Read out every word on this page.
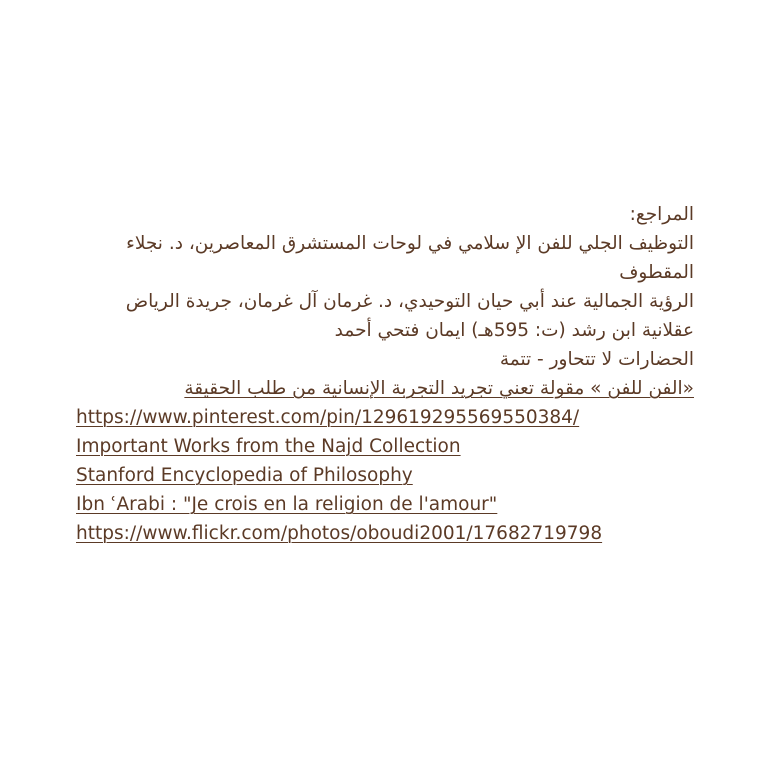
المراجع:
التوظيف الجلي للفن الإ سلامي في لوحات المستشرق المعاصرين، د. نجلاء المقطوف
الرؤية الجمالية عند أبي حيان التوحيدي، د. غرمان آل غرمان، جريدة الرياض
عقلانية ابن رشد (ت: 595هـ) ايمان فتحي أحمد
الحضارات لا تتحاور - تتمة
«الفن للفن » مقولة تعني تجريد التجربة الإنسانية من طلب الحقيقة
https://www.pinterest.com/pin/129619295569550384/
Important Works from the Najd Collection
Stanford Encyclopedia of Philosophy
Ibn ʿArabi : "Je crois en la religion de l'amour"
https://www.flickr.com/photos/oboudi2001/17682719798
